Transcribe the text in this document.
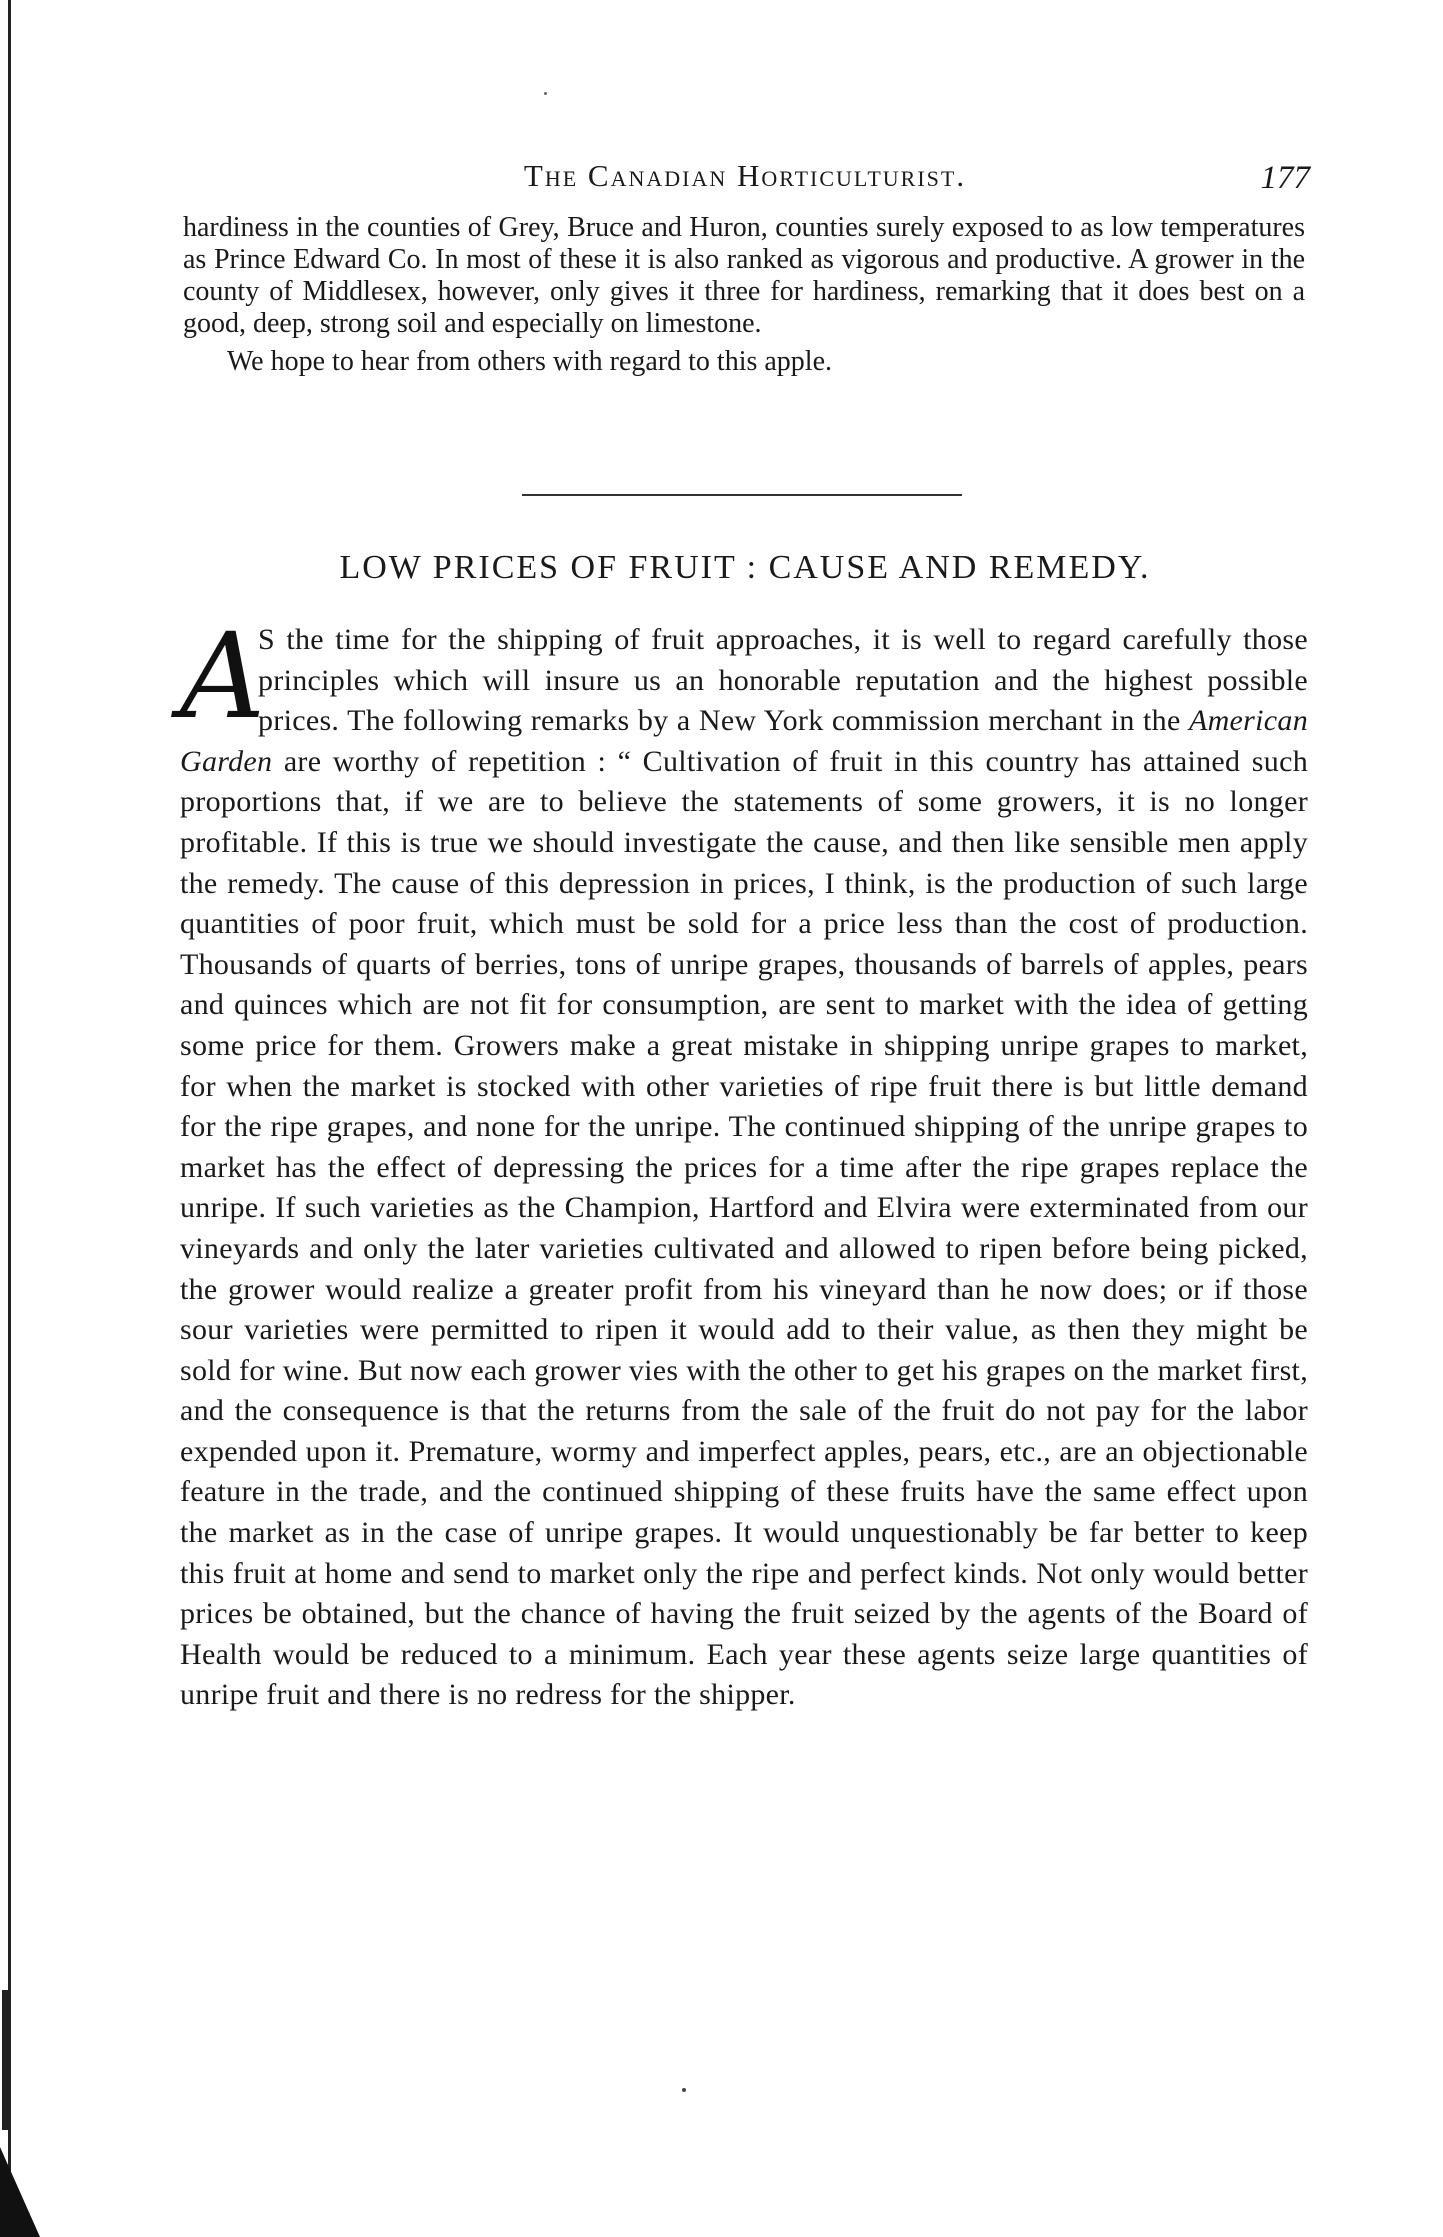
The Canadian Horticulturist.	177

hardiness in the counties of Grey, Bruce and Huron, counties surely exposed to as low temperatures as Prince Edward Co. In most of these it is also ranked as vigorous and productive. A grower in the county of Middlesex, however, only gives it three for hardiness, remarking that it does best on a good, deep, strong soil and especially on limestone.

We hope to hear from others with regard to this apple.

LOW PRICES OF FRUIT : CAUSE AND REMEDY.
A
S the time for the shipping of fruit approaches, it is well to regard carefully those principles which will insure us an honorable reputation and the highest possible prices. The following remarks by a New York commission merchant in the American Garden are worthy of repetition : “ Cultivation of fruit in this country has attained such proportions that, if we are to believe the statements of some growers, it is no longer profitable. If this is true we should investigate the cause, and then like sensible men apply the remedy. The cause of this depression in prices, I think, is the production of such large quantities of poor fruit, which must be sold for a price less than the cost of production. Thousands of quarts of berries, tons of unripe grapes, thousands of barrels of apples, pears and quinces which are not fit for consumption, are sent to market with the idea of getting some price for them. Growers make a great mistake in shipping unripe grapes to market, for when the market is stocked with other varieties of ripe fruit there is but little demand for the ripe grapes, and none for the unripe. The continued shipping of the unripe grapes to market has the effect of depressing the prices for a time after the ripe grapes replace the unripe. If such varieties as the Champion, Hartford and Elvira were exterminated from our vineyards and only the later varieties cultivated and allowed to ripen before being picked, the grower would realize a greater profit from his vineyard than he now does; or if those sour varieties were permitted to ripen it would add to their value, as then they might be sold for wine. But now each grower vies with the other to get his grapes on the market first, and the consequence is that the returns from the sale of the fruit do not pay for the labor expended upon it. Premature, wormy and imperfect apples, pears, etc., are an objectionable feature in the trade, and the continued shipping of these fruits have the same effect upon the market as in the case of unripe grapes. It would unquestionably be far better to keep this fruit at home and send to market only the ripe and perfect kinds. Not only would better prices be obtained, but the chance of having the fruit seized by the agents of the Board of Health would be reduced to a minimum. Each year these agents seize large quantities of unripe fruit and there is no redress for the shipper.
